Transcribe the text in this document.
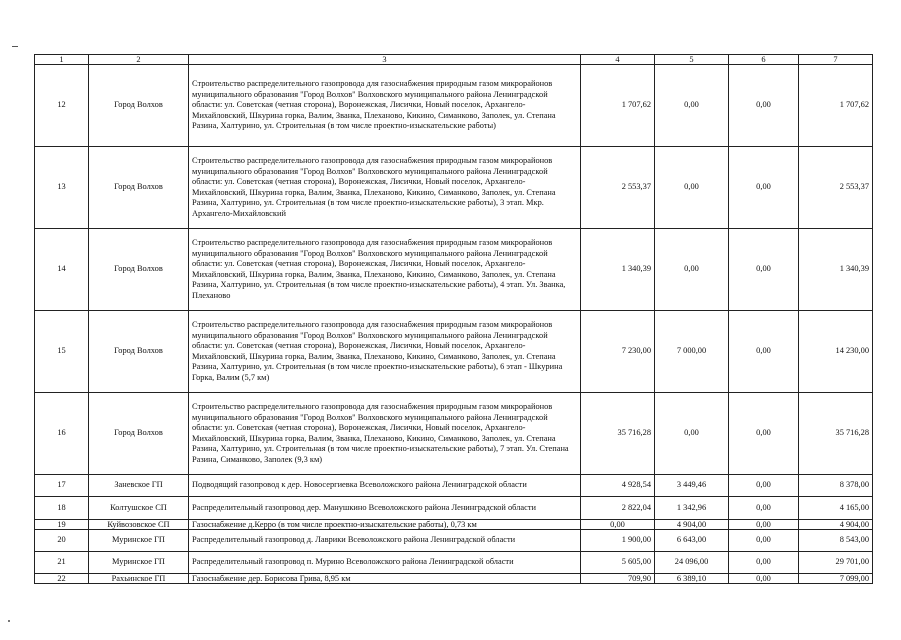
1	2	3	4	5	6	7
12	Город Волхов	Строительство распределительного газопровода для газоснабжения природным газом микрорайонов муниципального образования "Город Волхов" Волховского муниципального района Ленинградской области: ул. Советская (четная сторона), Воронежская, Лисички, Новый поселок, Архангело-Михайловский, Шкурина горка, Валим, Званка, Плеханово, Кикино, Симанково, Заполек, ул. Степана Разина, Халтурино, ул. Строительная (в том числе проектно-изыскательские работы)	1 707,62	0,00	0,00	1 707,62
13	Город Волхов	Строительство распределительного газопровода для газоснабжения природным газом микрорайонов муниципального образования "Город Волхов" Волховского муниципального района Ленинградской области: ул. Советская (четная сторона), Воронежская, Лисички, Новый поселок, Архангело-Михайловский, Шкурина горка, Валим, Званка, Плеханово, Кикино, Симанково, Заполек, ул. Степана Разина, Халтурино, ул. Строительная (в том числе проектно-изыскательские работы), 3 этап. Мкр. Архангело-Михайловский	2 553,37	0,00	0,00	2 553,37
14	Город Волхов	Строительство распределительного газопровода для газоснабжения природным газом микрорайонов муниципального образования "Город Волхов" Волховского муниципального района Ленинградской области: ул. Советская (четная сторона), Воронежская, Лисички, Новый поселок, Архангело-Михайловский, Шкурина горка, Валим, Званка, Плеханово, Кикино, Симанково, Заполек, ул. Степана Разина, Халтурино, ул. Строительная (в том числе проектно-изыскательские работы), 4 этап. Ул. Званка, Плеханово	1 340,39	0,00	0,00	1 340,39
15	Город Волхов	Строительство распределительного газопровода для газоснабжения природным газом микрорайонов муниципального образования "Город Волхов" Волховского муниципального района Ленинградской области: ул. Советская (четная сторона), Воронежская, Лисички, Новый поселок, Архангело-Михайловский, Шкурина горка, Валим, Званка, Плеханово, Кикино, Симанково, Заполек, ул. Степана Разина, Халтурино, ул. Строительная (в том числе проектно-изыскательские работы), 6 этап - Шкурина Горка, Валим (5,7 км)	7 230,00	7 000,00	0,00	14 230,00
16	Город Волхов	Строительство распределительного газопровода для газоснабжения природным газом микрорайонов муниципального образования "Город Волхов" Волховского муниципального района Ленинградской области: ул. Советская (четная сторона), Воронежская, Лисички, Новый поселок, Архангело-Михайловский, Шкурина горка, Валим, Званка, Плеханово, Кикино, Симанково, Заполек, ул. Степана Разина, Халтурино, ул. Строительная (в том числе проектно-изыскательские работы), 7 этап. Ул. Степана Разина, Симанково, Заполек (9,3 км)	35 716,28	0,00	0,00	35 716,28
17	Заневское ГП	Подводящий газопровод к дер. Новосергиевка Всеволожского района Ленинградской области	4 928,54	3 449,46	0,00	8 378,00
18	Колтушское СП	Распределительный газопровод дер. Манушкино Всеволожского района Ленинградской области	2 822,04	1 342,96	0,00	4 165,00
19	Куйвозовское СП	Газоснабжение д.Керро (в том числе проектно-изыскательские работы), 0,73 км	0,00	4 904,00	0,00	4 904,00
20	Муринское ГП	Распределительный газопровод д. Лаврики Всеволожского района Ленинградской области	1 900,00	6 643,00	0,00	8 543,00
21	Муринское ГП	Распределительный газопровод п. Мурино Всеволожского района Ленинградской области	5 605,00	24 096,00	0,00	29 701,00
22	Рахьинское ГП	Газоснабжение дер. Борисова Грива, 8,95 км	709,90	6 389,10	0,00	7 099,00
